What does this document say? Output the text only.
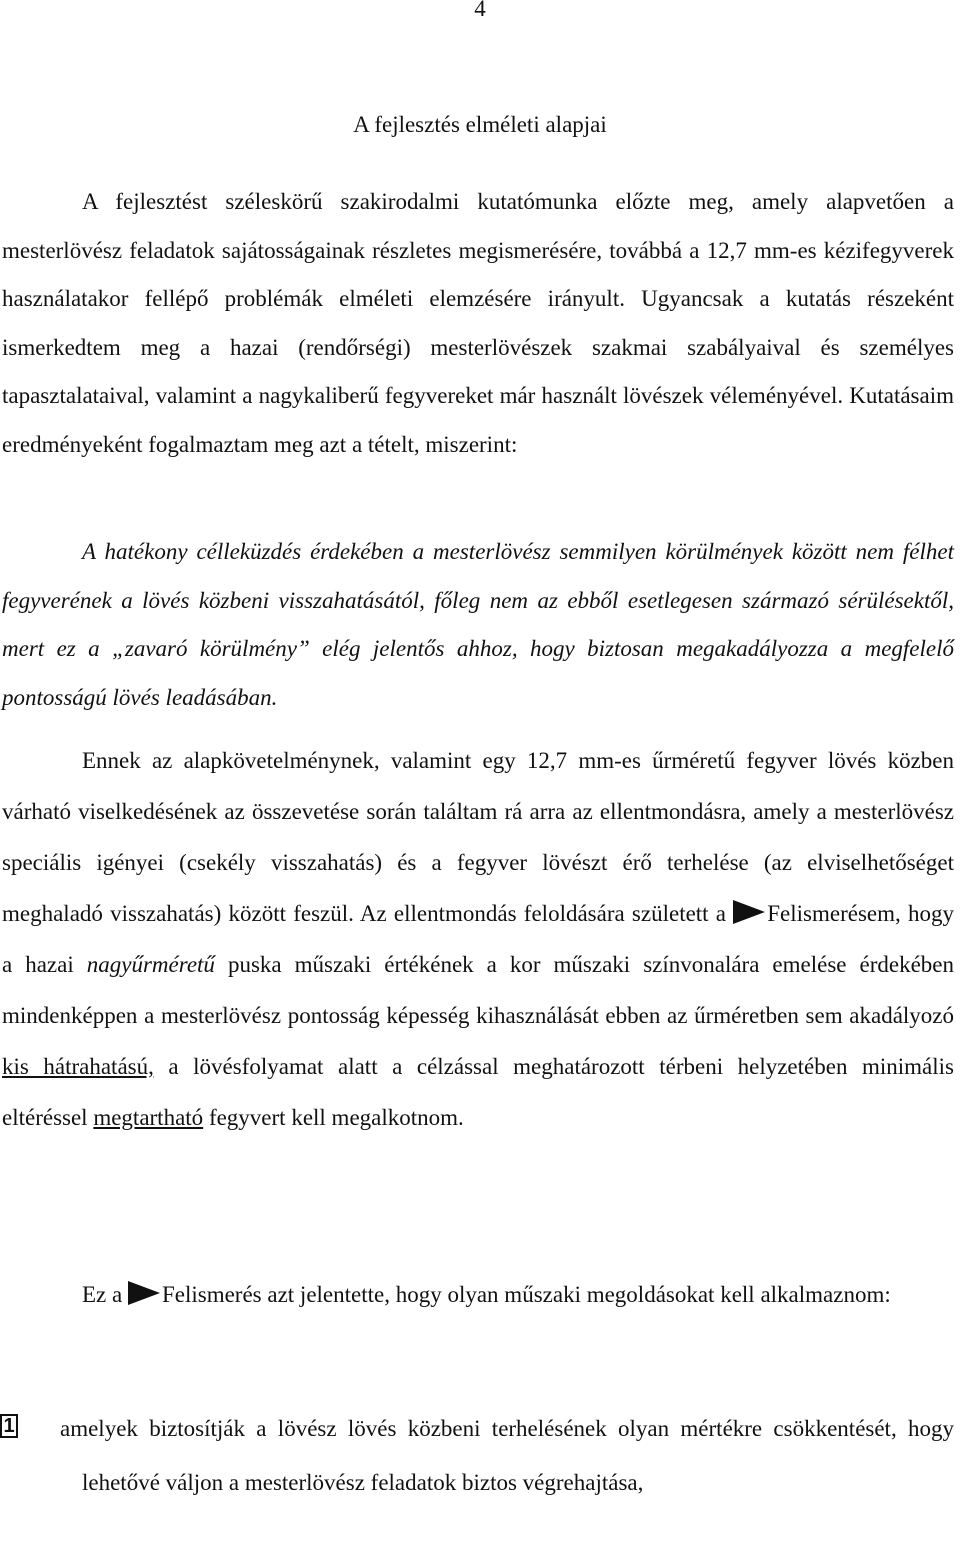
4
A fejlesztés elméleti alapjai

A fejlesztést széleskörű szakirodalmi kutatómunka előzte meg, amely alapvetően a mesterlövész feladatok sajátosságainak részletes megismerésére, továbbá a 12,7 mm-es kézifegyverek használatakor fellépő problémák elméleti elemzésére irányult. Ugyancsak a kutatás részeként ismerkedtem meg a hazai (rendőrségi) mesterlövészek szakmai szabályaival és személyes tapasztalataival, valamint a nagykaliberű fegyvereket már használt lövészek véleményével. Kutatásaim eredményeként fogalmaztam meg azt a tételt, miszerint:

A hatékony célleküzdés érdekében a mesterlövész semmilyen körülmények között nem félhet fegyverének a lövés közbeni visszahatásától, főleg nem az ebből esetlegesen származó sérülésektől, mert ez a „zavaró körülmény” elég jelentős ahhoz, hogy biztosan megakadályozza a megfelelő pontosságú lövés leadásában.

Ennek az alapkövetelménynek, valamint egy 12,7 mm-es űrméretű fegyver lövés közben várható viselkedésének az összevetése során találtam rá arra az ellentmondásra, amely a mesterlövész speciális igényei (csekély visszahatás) és a fegyver lövészt érő terhelése (az elviselhetőséget meghaladó visszahatás) között feszül. Az ellentmondás feloldására született a Felismerésem, hogy a hazai nagyűrméretű puska műszaki értékének a kor műszaki színvonalára emelése érdekében mindenképpen a mesterlövész pontosság képesség kihasználását ebben az űrméretben sem akadályozó kis hátrahatású, a lövésfolyamat alatt a célzással meghatározott térbeni helyzetében minimális eltéréssel megtartható fegyvert kell megalkotnom.

Ez a Felismerés azt jelentette, hogy olyan műszaki megoldásokat kell alkalmaznom:

1 amelyek biztosítják a lövész lövés közbeni terhelésének olyan mértékre csökkentését, hogy lehetővé váljon a mesterlövész feladatok biztos végrehajtása,
